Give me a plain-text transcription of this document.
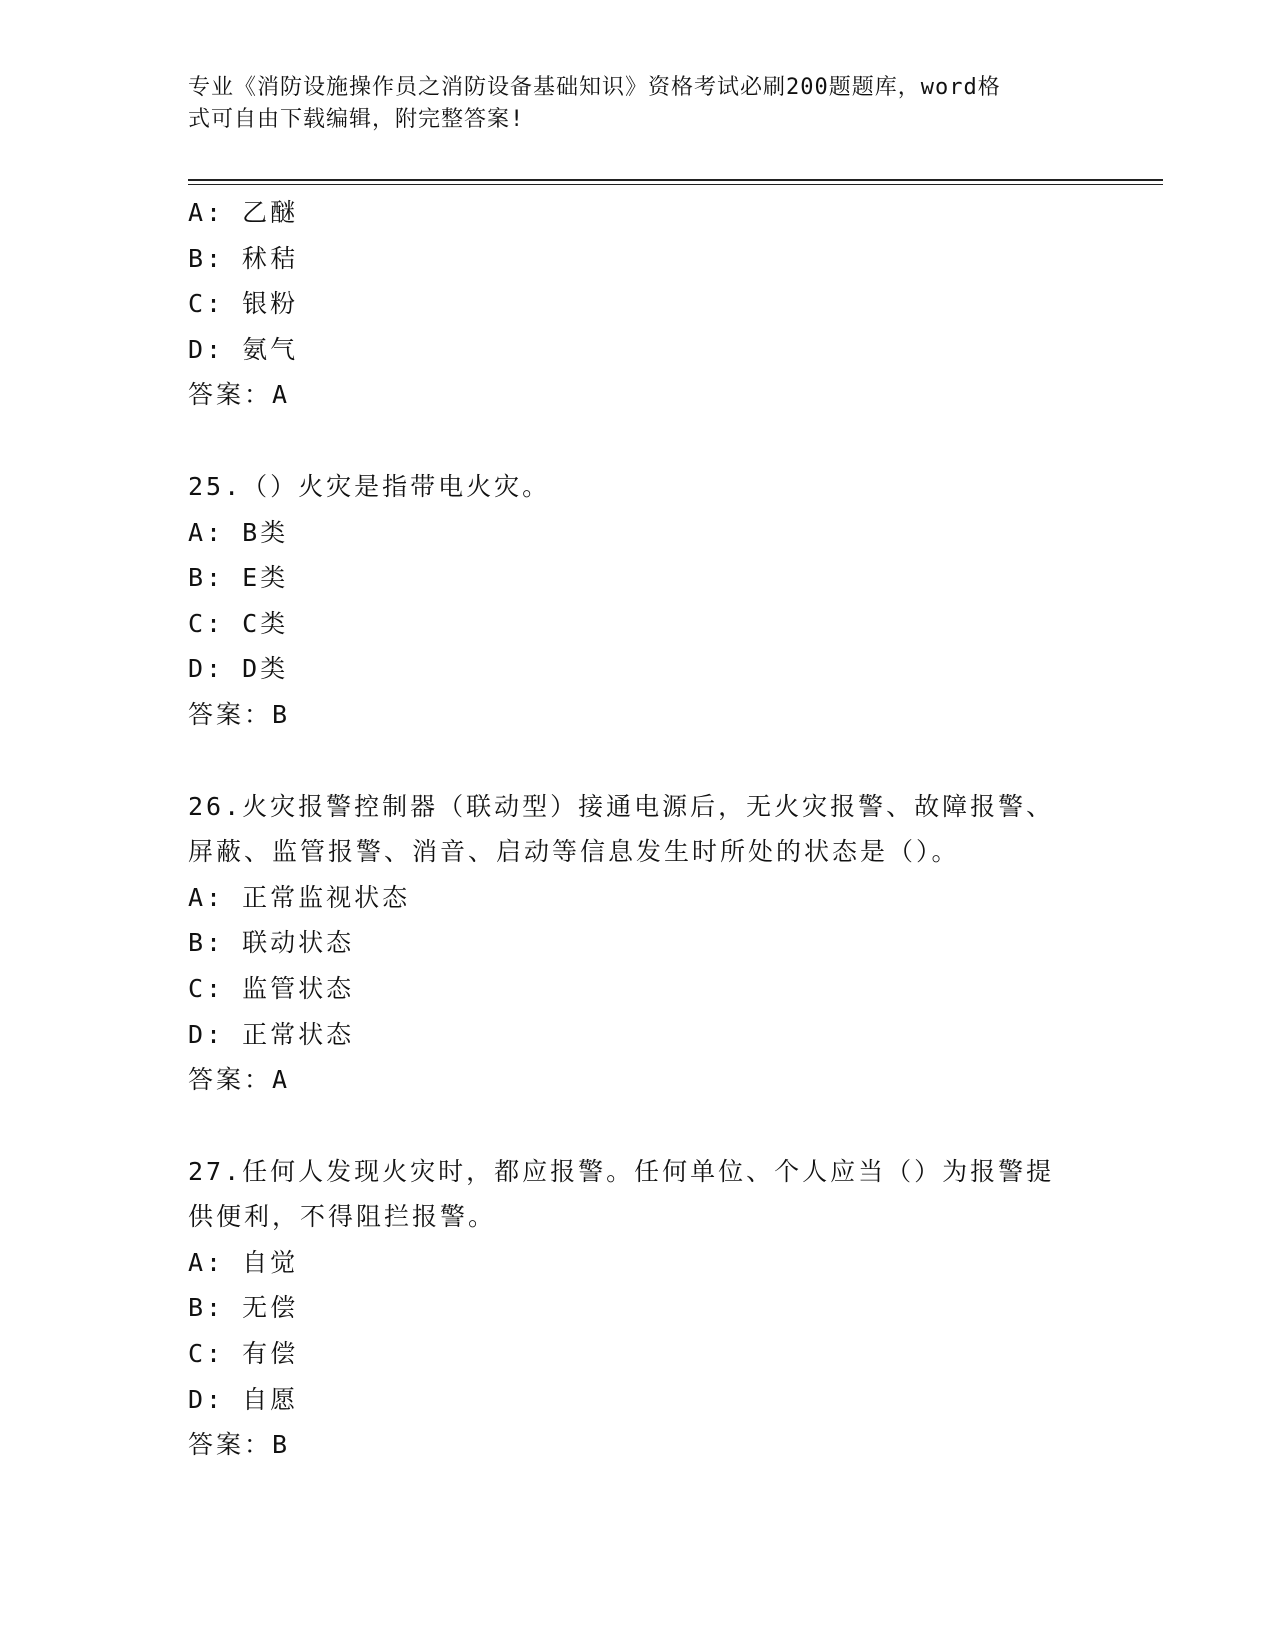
专业《消防设施操作员之消防设备基础知识》资格考试必刷200题题库，word格

式可自由下载编辑，附完整答案!

A: 乙醚
B: 秫秸
C: 银粉
D: 氨气
答案：A
25.（）火灾是指带电火灾。
A: B类
B: E类
C: C类
D: D类
答案：B
26.火灾报警控制器（联动型）接通电源后，无火灾报警、故障报警、
屏蔽、监管报警、消音、启动等信息发生时所处的状态是（）。
A: 正常监视状态
B: 联动状态
C: 监管状态
D: 正常状态
答案：A
27.任何人发现火灾时，都应报警。任何单位、个人应当（）为报警提
供便利，不得阻拦报警。
A: 自觉
B: 无偿
C: 有偿
D: 自愿
答案：B
